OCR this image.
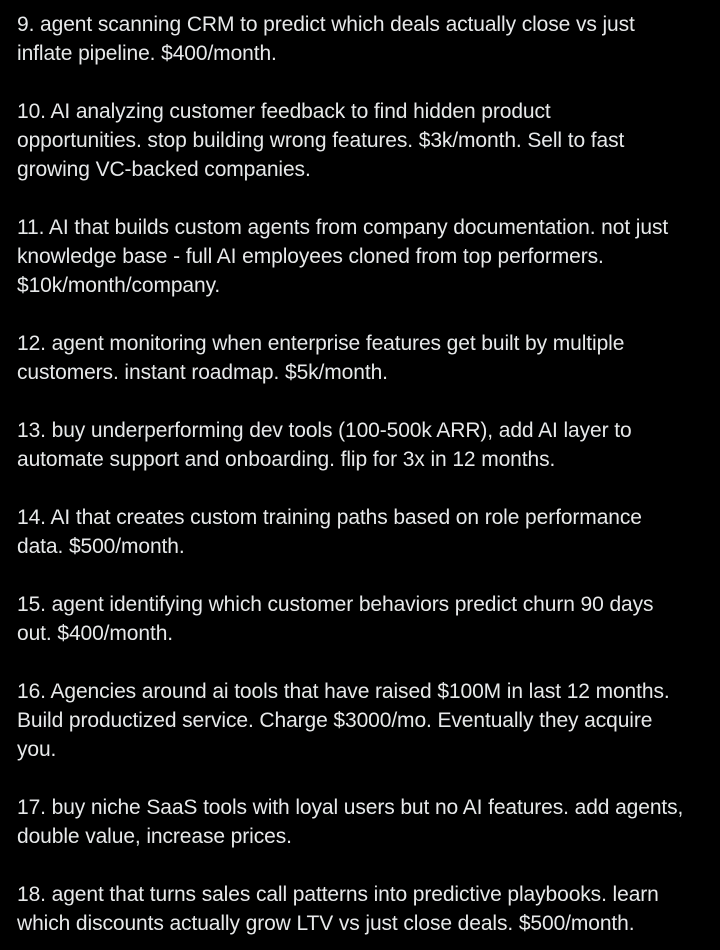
9. agent scanning CRM to predict which deals actually close vs just
inflate pipeline. $400/month.

10. AI analyzing customer feedback to find hidden product
opportunities. stop building wrong features. $3k/month. Sell to fast
growing VC-backed companies.

11. AI that builds custom agents from company documentation. not just
knowledge base - full AI employees cloned from top performers.
$10k/month/company.

12. agent monitoring when enterprise features get built by multiple
customers. instant roadmap. $5k/month.

13. buy underperforming dev tools (100-500k ARR), add AI layer to
automate support and onboarding. flip for 3x in 12 months.

14. AI that creates custom training paths based on role performance
data. $500/month.

15. agent identifying which customer behaviors predict churn 90 days
out. $400/month.

16. Agencies around ai tools that have raised $100M in last 12 months.
Build productized service. Charge $3000/mo. Eventually they acquire
you.

17. buy niche SaaS tools with loyal users but no AI features. add agents,
double value, increase prices.

18. agent that turns sales call patterns into predictive playbooks. learn
which discounts actually grow LTV vs just close deals. $500/month.
